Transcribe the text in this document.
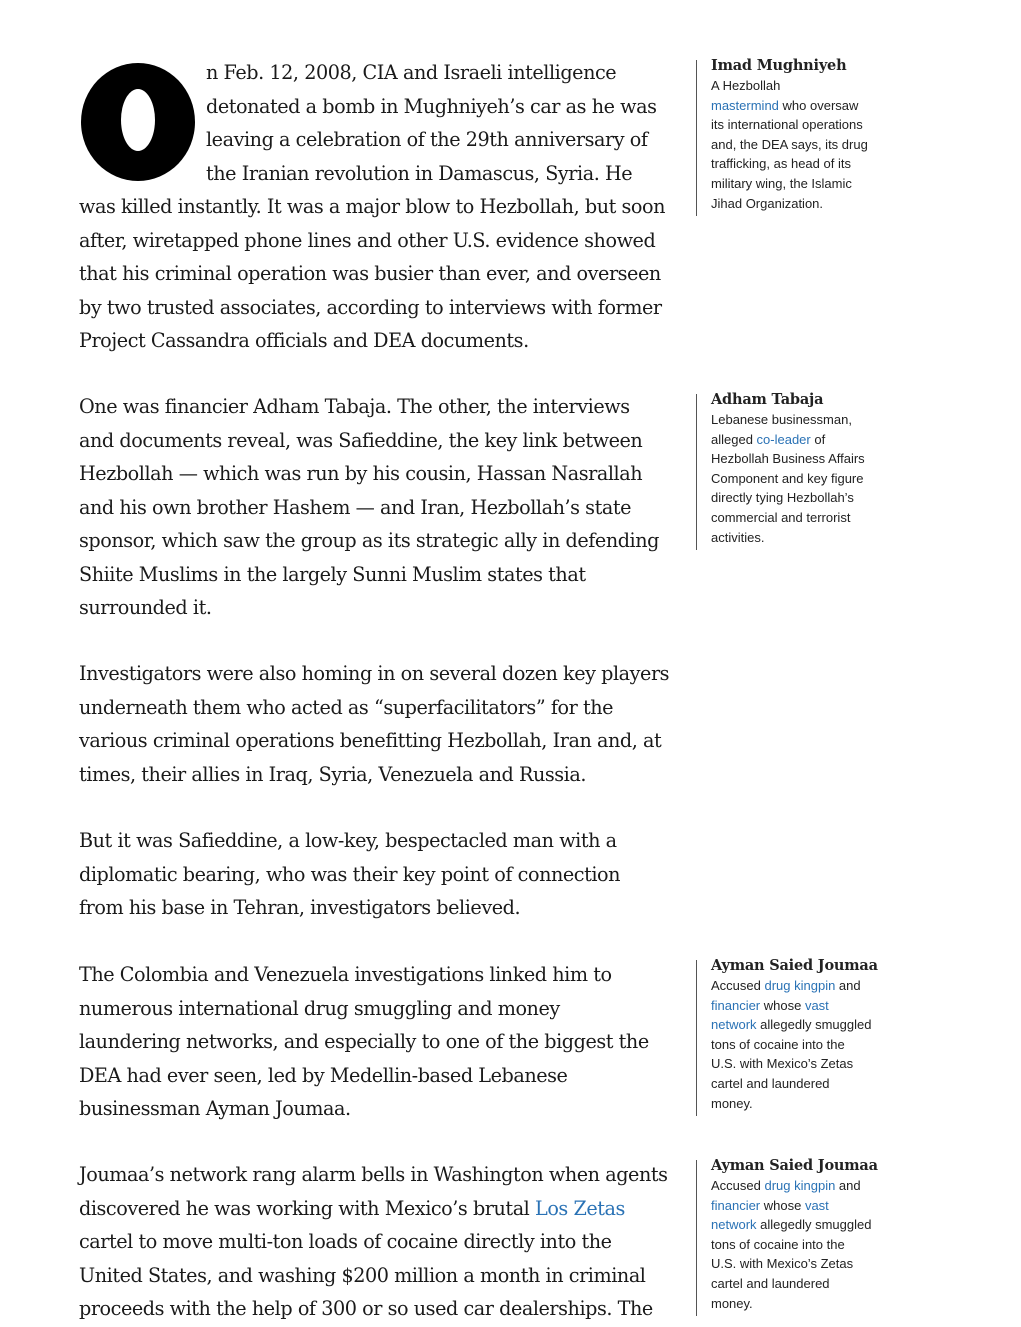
n Feb. 12, 2008, CIA and Israeli intelligence
detonated a bomb in Mughniyeh’s car as he was
leaving a celebration of the 29th anniversary of
the Iranian revolution in Damascus, Syria. He
was killed instantly. It was a major blow to Hezbollah, but soon
after, wiretapped phone lines and other U.S. evidence showed
that his criminal operation was busier than ever, and overseen
by two trusted associates, according to interviews with former
Project Cassandra officials and DEA documents.
One was financier Adham Tabaja. The other, the interviews
and documents reveal, was Safieddine, the key link between
Hezbollah — which was run by his cousin, Hassan Nasrallah
and his own brother Hashem — and Iran, Hezbollah’s state
sponsor, which saw the group as its strategic ally in defending
Shiite Muslims in the largely Sunni Muslim states that
surrounded it.
Investigators were also homing in on several dozen key players
underneath them who acted as “superfacilitators” for the
various criminal operations benefitting Hezbollah, Iran and, at
times, their allies in Iraq, Syria, Venezuela and Russia.
But it was Safieddine, a low-key, bespectacled man with a
diplomatic bearing, who was their key point of connection
from his base in Tehran, investigators believed.
The Colombia and Venezuela investigations linked him to
numerous international drug smuggling and money
laundering networks, and especially to one of the biggest the
DEA had ever seen, led by Medellin-based Lebanese
businessman Ayman Joumaa.
Joumaa’s network rang alarm bells in Washington when agents
discovered he was working with Mexico’s brutal Los Zetas
cartel to move multi-ton loads of cocaine directly into the
United States, and washing $200 million a month in criminal
proceeds with the help of 300 or so used car dealerships. The
Imad Mughniyeh
A Hezbollah
mastermind who oversaw
its international operations
and, the DEA says, its drug
trafficking, as head of its
military wing, the Islamic
Jihad Organization.
Adham Tabaja
Lebanese businessman,
alleged co-leader of
Hezbollah Business Affairs
Component and key figure
directly tying Hezbollah’s
commercial and terrorist
activities.
Ayman Saied Joumaa
Accused drug kingpin and
financier whose vast
network allegedly smuggled
tons of cocaine into the
U.S. with Mexico’s Zetas
cartel and laundered
money.
Ayman Saied Joumaa
Accused drug kingpin and
financier whose vast
network allegedly smuggled
tons of cocaine into the
U.S. with Mexico’s Zetas
cartel and laundered
money.
